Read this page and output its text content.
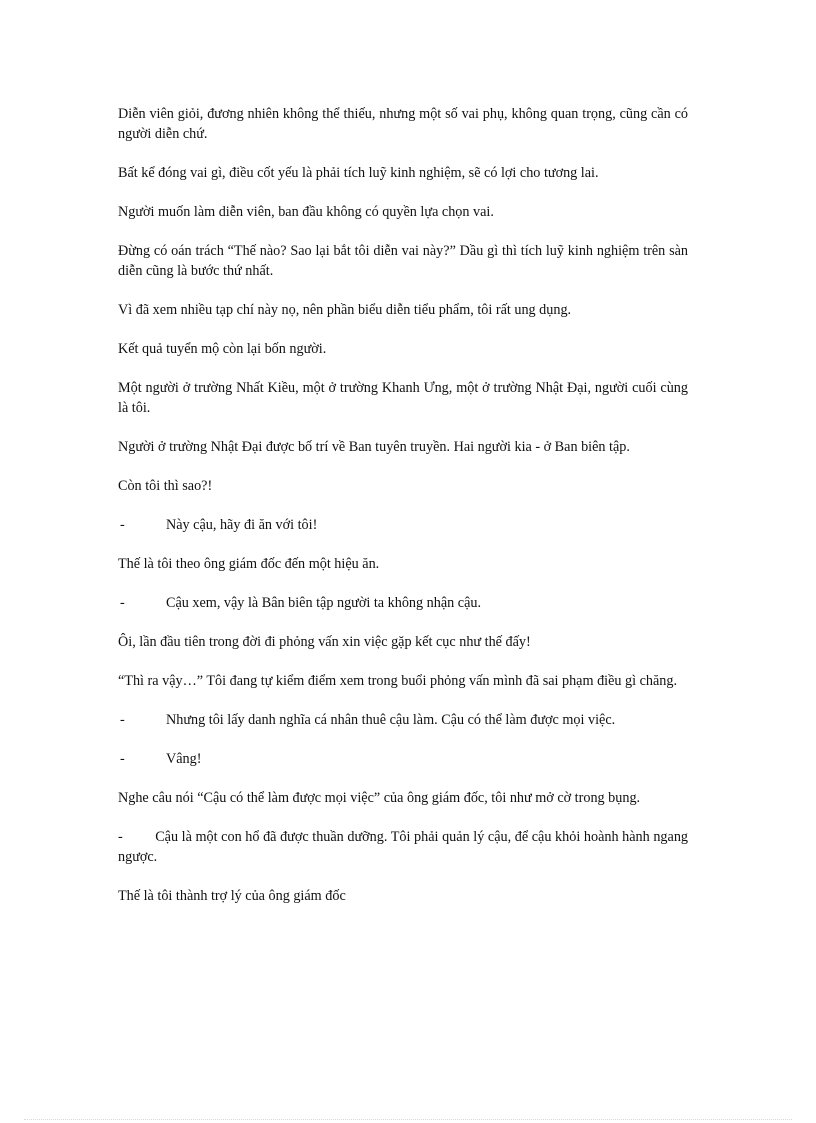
Diễn viên giỏi, đương nhiên không thể thiếu, nhưng một số vai phụ, không quan trọng, cũng cần có người diễn chứ.

Bất kể đóng vai gì, điều cốt yếu là phải tích luỹ kinh nghiệm, sẽ có lợi cho tương lai.

Người muốn làm diễn viên, ban đầu không có quyền lựa chọn vai.

Đừng có oán trách “Thế nào? Sao lại bắt tôi diễn vai này?” Dầu gì thì tích luỹ kinh nghiệm trên sàn diễn cũng là bước thứ nhất.

Vì đã xem nhiều tạp chí này nọ, nên phần biểu diễn tiểu phẩm, tôi rất ung dụng.

Kết quả tuyển mộ còn lại bốn người.

Một người ở trường Nhất Kiều, một ở trường Khanh Ưng, một ở trường Nhật Đại, người cuối cùng là tôi.

Người ở trường Nhật Đại được bố trí về Ban tuyên truyền. Hai người kia - ở Ban biên tập.

Còn tôi thì sao?!

-	Này cậu, hãy đi ăn với tôi!

Thế là tôi theo ông giám đốc đến một hiệu ăn.

-	Cậu xem, vậy là Bân biên tập người ta không nhận cậu.

Ôi, lần đầu tiên trong đời đi phỏng vấn xin việc gặp kết cục như thế đấy!

“Thì ra vậy…” Tôi đang tự kiểm điểm xem trong buổi phỏng vấn mình đã sai phạm điều gì chăng.

-	Nhưng tôi lấy danh nghĩa cá nhân thuê cậu làm. Cậu có thể làm được mọi việc.
-	Vâng!

Nghe câu nói “Cậu có thể làm được mọi việc” của ông giám đốc, tôi như mở cờ trong bụng.

- Cậu là một con hổ đã được thuần dưỡng. Tôi phải quản lý cậu, để cậu khỏi hoành hành ngang ngược.

Thế là tôi thành trợ lý của ông giám đốc
